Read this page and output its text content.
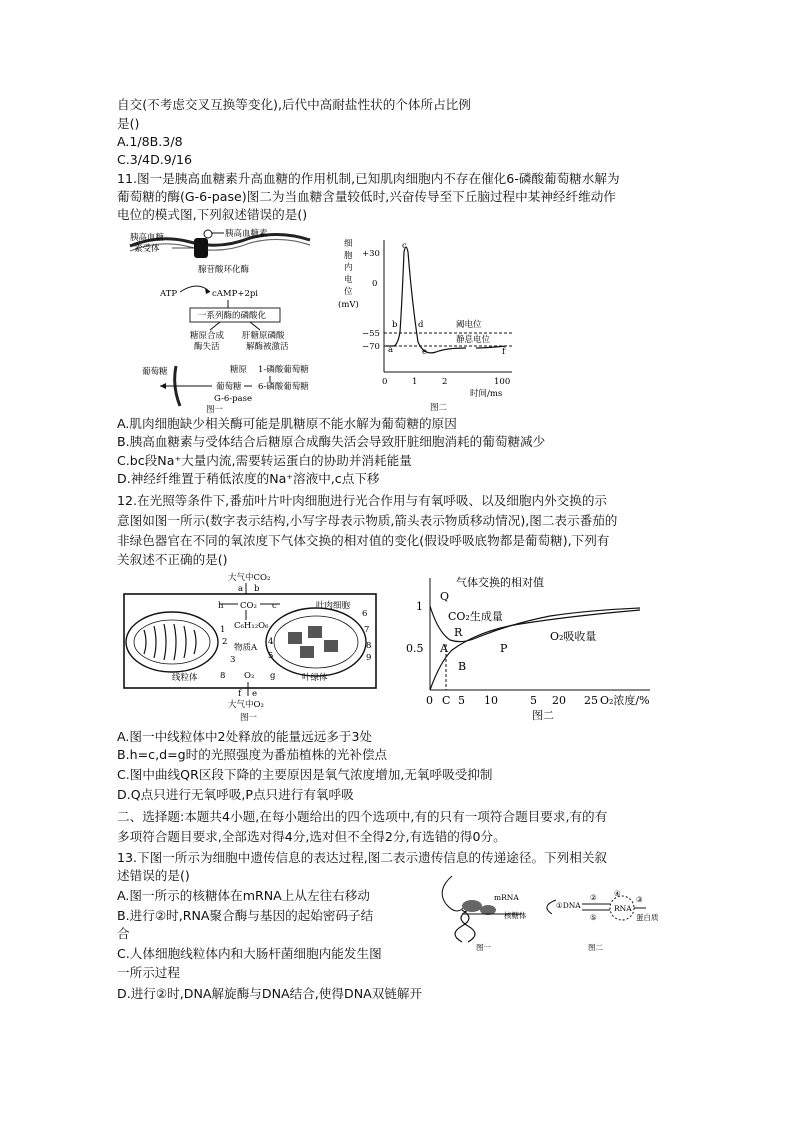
自交(不考虑交叉互换等变化),后代中高耐盐性状的个体所占比例
是()
A.1/8B.3/8
C.3/4D.9/16
11.图一是胰高血糖素升高血糖的作用机制,已知肌肉细胞内不存在催化6-磷酸葡萄糖水解为
葡萄糖的酶(G-6-pase)图二为当血糖含量较低时,兴奋传导至下丘脑过程中某神经纤维动作
电位的模式图,下列叙述错误的是()
A.肌肉细胞缺少相关酶可能是肌糖原不能水解为葡萄糖的原因
B.胰高血糖素与受体结合后糖原合成酶失活会导致肝脏细胞消耗的葡萄糖减少
C.bc段Na⁺大量内流,需要转运蛋白的协助并消耗能量
D.神经纤维置于稍低浓度的Na⁺溶液中,c点下移
12.在光照等条件下,番茄叶片叶肉细胞进行光合作用与有氧呼吸、以及细胞内外交换的示
意图如图一所示(数字表示结构,小写字母表示物质,箭头表示物质移动情况),图二表示番茄的
非绿色器官在不同的氧浓度下气体交换的相对值的变化(假设呼吸底物都是葡萄糖),下列有
关叙述不正确的是()
A.图一中线粒体中2处释放的能量远远多于3处
B.h=c,d=g时的光照强度为番茄植株的光补偿点
C.图中曲线QR区段下降的主要原因是氧气浓度增加,无氧呼吸受抑制
D.Q点只进行无氧呼吸,P点只进行有氧呼吸
二、选择题:本题共4小题,在每小题给出的四个选项中,有的只有一项符合题目要求,有的有
多项符合题目要求,全部选对得4分,选对但不全得2分,有选错的得0分。
13.下图一所示为细胞中遗传信息的表达过程,图二表示遗传信息的传递途径。下列相关叙
述错误的是()
A.图一所示的核糖体在mRNA上从左往右移动
B.进行②时,RNA聚合酶与基因的起始密码子结
合
C.人体细胞线粒体内和大肠杆菌细胞内能发生图
一所示过程
D.进行②时,DNA解旋酶与DNA结合,使得DNA双链解开
胰高血糖素
胰高血糖
素受体
腺苷酸环化酶
ATP	cAMP+2pi
一系列酶的磷酸化
糖原合成
酶失活
肝糖原磷酸
解酶被激活
糖原 1-磷酸葡萄糖
6-磷酸葡萄糖
葡萄糖
G-6-pase
葡萄糖
图一
细
胞
内
电
位
(mV)
+30
0
−55
−70 a
b
c
d
e	f
阈电位
静息电位
0	1	2	100
时间/ms
图二
大气中CO₂
a b
CO₂
h
C₆H₁₂O₆
物质A
O₂
c
g
线粒体
1
2
3
叶肉细胞
叶绿体
6
7
8
9
4
5
8
f e
大气中O₂
图一
气体交换的相对值
1
0.5
Q
CO₂生成量
R
P
A
B
O₂吸收量
0 C 5 10	5 20 25 O₂浓度/%
图二
mRNA
核糖体
图一
①DNA
②
⑤
④
RNA
③
蛋白质
图二
